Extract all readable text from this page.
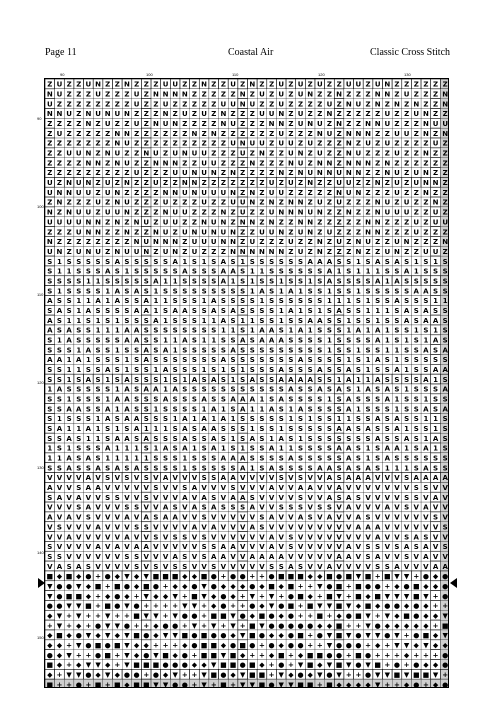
Page 11	Coastal Air	Classic Cross Stitch
90	100	110	120	130
90
100
110
120
130
140
150
Z U Z Z U N Z Z N Z Z Z U U Z Z N Z Z U Z N Z Z U Z U Z U Z Z U U Z U N Z Z Z Z Z Z
N U Z Z Z U Z Z Z U Z N N N N Z Z Z Z Z N Z U Z U Z U N Z Z N Z Z Z N N Z U Z Z Z N
U Z Z Z Z Z Z Z Z U Z Z U Z Z Z Z Z U U N U Z Z U Z Z Z Z U Z N U Z N Z N Z N Z Z N
N N U Z N U N U N Z Z Z N Z U Z U Z N Z Z Z U U N Z U Z Z N Z Z Z Z Z U Z Z U N Z Z
Z Z Z Z N Z U Z Z U Z N U N Z Z Z Z N U Z Z Z N N Z U N U Z N Z Z N N U Z Z Z N U U
Z U Z Z Z Z Z N N Z Z Z Z Z Z N Z N Z Z Z Z Z Z U Z Z Z N U Z N N N Z Z U U Z N Z N
Z Z Z Z Z Z Z N U Z Z Z Z Z Z Z Z Z Z U N U U Z U U Z U Z Z Z N Z U Z U Z Z Z Z U Z
Z Z U U N Z N U Z Z N U Z U N U U Z Z Z U Z N Z Z U N Z U Z Z N U Z Z Z U Z Z N Z Z
Z Z Z Z N N Z N U Z Z N N N Z Z U U Z Z Z N Z Z Z N U Z N N Z N N N Z N Z Z Z Z Z Z
Z Z Z Z Z Z Z Z Z U Z Z Z U U N U N Z N Z Z Z Z N Z N U N N U N N Z Z N U Z U N Z Z
U Z N U N Z U Z N Z Z U Z Z N N Z Z Z Z Z Z Z U Z U Z N Z Z U U Z Z N Z U Z U N N Z
U N N U U Z U N Z Z Z Z N N U N U U U N Z N Z U U Z Z Z Z Z N U N Z Z Z U Z Z N Z Z
Z N Z Z Z U Z N U Z Z Z U Z Z Z U Z Z U U N Z N Z N N Z U Z U Z Z Z N U Z U Z Z N Z
N Z N U U Z U U N Z Z Z N U U Z Z Z N Z U Z Z U N N N U N Z Z N Z Z N U U U Z Z U Z
U U U U N N Z N Z N U Z U U Z Z N U N Z N N Z N Z Z N N Z Z Z Z Z N N Z Z Z U Z U U
Z Z Z U N N Z Z N Z Z N U Z U N U N U N Z Z U U N Z U N Z U Z Z Z N N Z Z Z U Z Z Z
N Z Z Z Z Z Z Z Z N U N N N Z U U U N N Z U Z Z Z U Z Z N Z U Z N U Z Z U N Z Z Z N
U N Z U N U Z N U U N Z U N Z U Z Z Z N N N N N N Z U Z N Z Z Z N Z Z U N Z Z U U Z
S 1 S S S S S A S S S S S A 1 S 1 S A S 1 S S S S S S A A A S S 1 S A S A S 1 S 1 S
S 1 1 S S S A S 1 S S S S S A S S S A A S 1 1 S S S S S S A 1 S 1 1 1 S S A 1 S S S
S S S S 1 1 S S S S S A 1 1 S S S S A 1 S 1 S S 1 S S 1 S A S S S S A 1 A S S S S S
S 1 S S S S 1 A S A S 1 S S S S S S S S S 1 A S 1 A 1 S S 1 S S 1 S S S S S A A S S
A S S 1 1 A 1 A S S A 1 1 S S S 1 A S S S S 1 S S S S S S 1 1 1 S 1 S S A S S S 1 1
S A S 1 A S S S S A A 1 S A A S S A S A S S S S 1 A 1 S 1 S A S S 1 1 1 S A S A S S
A S 1 1 S 1 S 1 S S S A 1 S S S 1 1 A S 1 1 S S 1 S S A A S S 1 S S 1 S S A S A A S
A S A S S 1 1 1 A A S S S S S S S S 1 1 S 1 A A S 1 A 1 S S S 1 A 1 A 1 S S 1 S 1 S
S 1 A S S S S S A A S S 1 1 A S 1 1 S S A S A A A S S S S 1 S S S S A 1 S 1 S 1 A S
S S S 1 A S S 1 S S A S A 1 S S S S S A S S S S S S S S S 1 S S 1 S S 1 1 S S A S A
A A 1 A 1 S S S 1 S A S S S S S S S A S S S S S S S A S S S S 1 S 1 A S 1 S S S S S
S S 1 1 S S A S 1 S S 1 A S S S 1 S 1 S 1 S S S A S S S A S S A S 1 S S A 1 S S A A
S S 1 S A S 1 S A S S S 1 S 1 A S A S 1 S A S S A A A A S S 1 A 1 1 A S S S S A 1 S
1 A S S S S S 1 A S A A 1 A S S S S S S S S S S S A S S A S A S 1 A S A S 1 S S S A
S S 1 S S S 1 A A S S S A S S S A S S A A A 1 S A S S S S 1 S A S S S A 1 S S 1 S S
S S A A S S A 1 A S S 1 S S S S 1 A 1 S A 1 1 A S 1 A S S S S A 1 S S S 1 S S A S A
S 1 S S S 1 A S A A S S S 1 A 1 A 1 A 1 S S S S S 1 S 1 S S 1 1 S S A S A S S 1 1 S
S A 1 1 A 1 S 1 S A 1 1 1 S A S A A S S S 1 S S 1 S S S S S A A S A S S A 1 S S 1 S
S S A S 1 1 S A A S A S S S A S S A S 1 S A S 1 A S 1 S S S S S S S A S S A S 1 A S
1 S 1 S S S A 1 1 1 S 1 A S A 1 S A 1 S 1 S S A 1 1 S S S S A A S 1 S A A 1 S A 1 S
1 1 A S A S 1 1 1 1 1 S S S 1 S S S A A A S S S S A S S S S S A S 1 S A S S S S S S
S S A S S A S A S A S S S S 1 S S S S S A 1 S A S S S S A A S A S A S 1 1 1 S A S S
V V V V A V S V S V S V A V V V S S A A V V V V S V S V V A S A A A V V V S A A A A
A V V S A A V V V V V S V V S A V V V S V V V A V V A A V V A V V V V V V V S S V V
S A V A V V S S V V S V V V A V A S V A A S V V V V S V V A S A S V V V V S S V A V
V V V S A V V V S S V V A S V A S A S S S A V V S S S V S S V A V V V A V S V A V V
A V A V S V V V A V A S A A V V S V V V V V S A V V A S V A V V A S V V V V V V S V
V S V V V A V V V S S V V V V A V A V V V A S V V V V V V V V V A A A V V V V V V S
V V A V V V V V A V V S V S S V S V V V V V V A V S V V V V V V V V A V V S A S V V
S V V V V A V A V A A V V V V V S S A A V V V A V S V V V V V A V S S V S A S A V S
S S V V V V V V S S V V V A S V S A A V V A A A A V V V V V A A V S A V V S V A V V
V A S A S V V V V S V S V S S V V S V V V V V S S A S V V A V V V V S S A V V V A A
■ ◆ ■ ◆ ● + ● ◆ ▼ ◆ ▼ ■ ■ ■ ◆ ◆ ■ ● + ● ● + + ● ■ ■ ■ ◆ ◆ ■ ● ■ ▼ ■ + ■ ▼ ▼ + ● ◆ ●
▼ ● ● ▼ ◆ ■ + ■ ● ◆ ■ ● + ◆ ◆ ● ▼ ● ◆ ◆ ◆ ● ◆ ■ ◆ ■ + + ▼ ● ■ + ■ ● ● + ◆ ● ■ ◆ ◆ ●
▼ ● ■ ■ ◆ + ◆ ● ◆ + ▼ ◆ ◆ ▼ + ■ ▼ ◆ ● ◆ + ▼ + ▼ + ● ■ ◆ + ■ ▼ + ■ ◆ ■ ▼ ▼ ▼ ■ ▼ + ●
● ● ▼ ▼ ■ + ■ ● ▼ ● + + + + ▼ ▼ + ◆ ● + + ● ◆ ▼ ● ■ + ■ ▼ ▼ ■ ▼ ◆ ■ ◆ ● ● ◆ ● ◆ + +
◆ ▼ + ▼ + + ▼ + + ■ ▼ ▼ + ▼ ● ● + ■ ■ ▼ ● ◆ ■ ● ◆ ● + + ■ + ◆ ● ■ ▼ + ▼ ◆ ■ ● ◆ ◆ ▼
+ ▼ + ◆ + ● ▼ ▼ ● + + ◆ ● ● + ▼ + ▼ + ▼ + ■ ▼ ● ● ● ● ● ◆ ◆ ■ + + ▼ ● ◆ ◆ ◆ ◆ ◆ + ■
◆ ■ ◆ ● ▼ ◆ ▼ ◆ ▼ ■ ● ◆ ▼ ▼ ■ ● ■ ● ● ◆ ▼ ■ ● ◆ ◆ ● ■ + ● ▼ ■ ▼ ● ▼ ▼ ● ▼ + ● ■ ◆ ▼
◆ ◆ + ▼ ● ■ ● ■ ▼ ◆ ◆ + + + ◆ ● ■ ■ ◆ ● ■ ● + ● ◆ ● ● + + ▼ ● ● ● + ◆ + ▼ ▼ ◆ ▼ ◆ ◆
● ◆ ▼ + + ● ■ + ▼ ◆ ● ▼ ■ ◆ ● + ■ ■ ▼ ■ ◆ + + ◆ ■ + ◆ ■ ■ ● ● + ■ ● + + + ◆ + + + ●
■ ◆ + ◆ ▼ ▼ ◆ + ▼ ■ ■ ■ ● ● ● ◆ ◆ ▼ ■ ■ ● ■ ◆ + ● + ▼ ■ ◆ ▼ ■ ▼ ● ▼ ■ + ● + ● ◆ ◆ ●
◆ + ▼ ▼ ● ◆ ▼ ◆ ● ● + ● ◆ ▼ + + ▼ ■ ● ◆ ▼ ■ ■ + ▼ ◆ ● ◆ ▼ ● ▼ + + ● ▼ ▼ ■ ▼ ■ ■ ▼ +
■ + + ● + ■ + ■ ◆ ■ ■ ▼ ▼ ● ● + ▼ + ■ + ▼ ▼ ■ ● ▼ ▼ ■ ■ + ■ ◆ ◆ ◆ ◆ ▼ + + ◆ ● + ◆ ●
